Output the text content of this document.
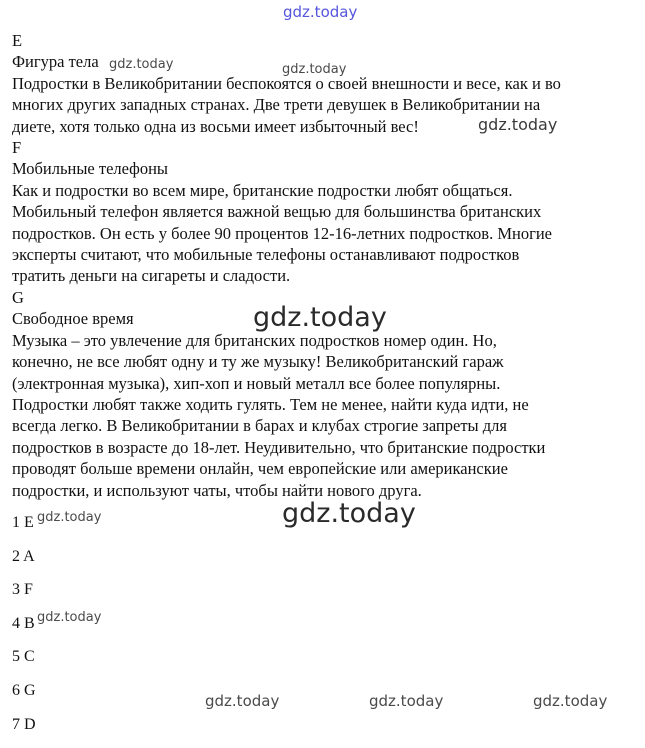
E

Фигура тела

Подростки в Великобритании беспокоятся о своей внешности и весе, как и во

многих других западных странах. Две трети девушек в Великобритании на

диете, хотя только одна из восьми имеет избыточный вес!

F

Мобильные телефоны

Как и подростки во всем мире, британские подростки любят общаться.

Мобильный телефон является важной вещью для большинства британских

подростков. Он есть у более 90 процентов 12-16-летних подростков. Многие

эксперты считают, что мобильные телефоны останавливают подростков

тратить деньги на сигареты и сладости.

G

Свободное время

Музыка – это увлечение для британских подростков номер один. Но,

конечно, не все любят одну и ту же музыку! Великобританский гараж

(электронная музыка), хип-хоп и новый металл все более популярны.

Подростки любят также ходить гулять. Тем не менее, найти куда идти, не

всегда легко. В Великобритании в барах и клубах строгие запреты для

подростков в возрасте до 18-лет. Неудивительно, что британские подростки

проводят больше времени онлайн, чем европейские или американские

подростки, и используют чаты, чтобы найти нового друга.

1 E
2 A
3 F
4 B
5 C
6 G
7 D
gdz.today
gdz.today	gdz.today
gdz.today
gdz.today
gdz.today
gdz.today
gdz.today
gdz.today	gdz.today	gdz.today
